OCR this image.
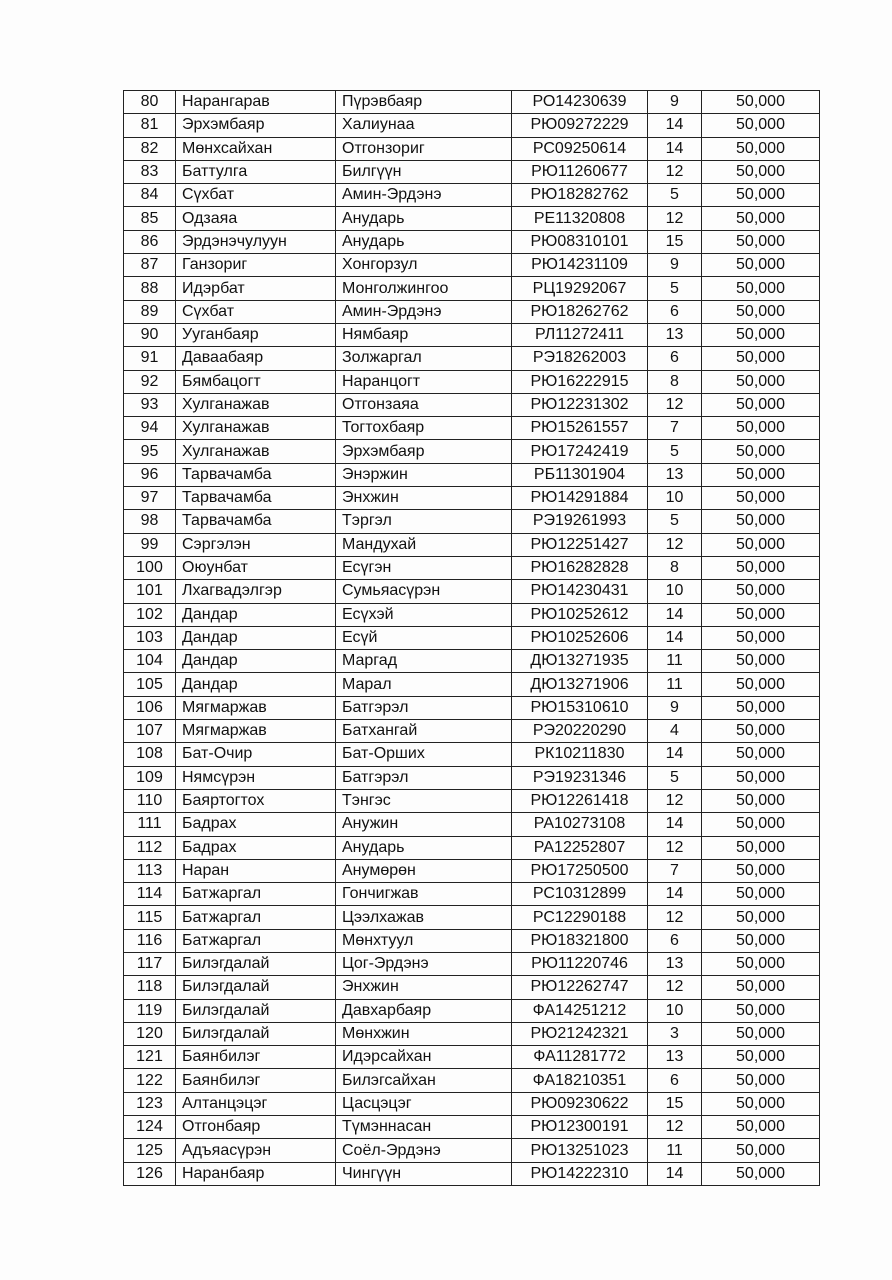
80	Нарангарав	Пүрэвбаяр	РО14230639	9	50,000
81	Эрхэмбаяр	Халиунаа	РЮ09272229	14	50,000
82	Мөнхсайхан	Отгонзориг	РС09250614	14	50,000
83	Баттулга	Билгүүн	РЮ11260677	12	50,000
84	Сүхбат	Амин-Эрдэнэ	РЮ18282762	5	50,000
85	Одзаяа	Анударь	РЕ11320808	12	50,000
86	Эрдэнэчулуун	Анударь	РЮ08310101	15	50,000
87	Ганзориг	Хонгорзул	РЮ14231109	9	50,000
88	Идэрбат	Монголжингоо	РЦ19292067	5	50,000
89	Сүхбат	Амин-Эрдэнэ	РЮ18262762	6	50,000
90	Ууганбаяр	Нямбаяр	РЛ11272411	13	50,000
91	Даваабаяр	Золжаргал	РЭ18262003	6	50,000
92	Бямбацогт	Наранцогт	РЮ16222915	8	50,000
93	Хулганажав	Отгонзаяа	РЮ12231302	12	50,000
94	Хулганажав	Тогтохбаяр	РЮ15261557	7	50,000
95	Хулганажав	Эрхэмбаяр	РЮ17242419	5	50,000
96	Тарвачамба	Энэржин	РБ11301904	13	50,000
97	Тарвачамба	Энхжин	РЮ14291884	10	50,000
98	Тарвачамба	Тэргэл	РЭ19261993	5	50,000
99	Сэргэлэн	Мандухай	РЮ12251427	12	50,000
100	Оюунбат	Есүгэн	РЮ16282828	8	50,000
101	Лхагвадэлгэр	Сумьяасүрэн	РЮ14230431	10	50,000
102	Дандар	Есүхэй	РЮ10252612	14	50,000
103	Дандар	Есүй	РЮ10252606	14	50,000
104	Дандар	Маргад	ДЮ13271935	11	50,000
105	Дандар	Марал	ДЮ13271906	11	50,000
106	Мягмаржав	Батгэрэл	РЮ15310610	9	50,000
107	Мягмаржав	Батхангай	РЭ20220290	4	50,000
108	Бат-Очир	Бат-Орших	РК10211830	14	50,000
109	Нямсүрэн	Батгэрэл	РЭ19231346	5	50,000
110	Баяртогтох	Тэнгэс	РЮ12261418	12	50,000
111	Бадрах	Анужин	РА10273108	14	50,000
112	Бадрах	Анударь	РА12252807	12	50,000
113	Наран	Анумөрөн	РЮ17250500	7	50,000
114	Батжаргал	Гончигжав	РС10312899	14	50,000
115	Батжаргал	Цээлхажав	РС12290188	12	50,000
116	Батжаргал	Мөнхтуул	РЮ18321800	6	50,000
117	Билэгдалай	Цог-Эрдэнэ	РЮ11220746	13	50,000
118	Билэгдалай	Энхжин	РЮ12262747	12	50,000
119	Билэгдалай	Давхарбаяр	ФА14251212	10	50,000
120	Билэгдалай	Мөнхжин	РЮ21242321	3	50,000
121	Баянбилэг	Идэрсайхан	ФА11281772	13	50,000
122	Баянбилэг	Билэгсайхан	ФА18210351	6	50,000
123	Алтанцэцэг	Цасцэцэг	РЮ09230622	15	50,000
124	Отгонбаяр	Түмэннасан	РЮ12300191	12	50,000
125	Адъяасүрэн	Соёл-Эрдэнэ	РЮ13251023	11	50,000
126	Наранбаяр	Чингүүн	РЮ14222310	14	50,000
